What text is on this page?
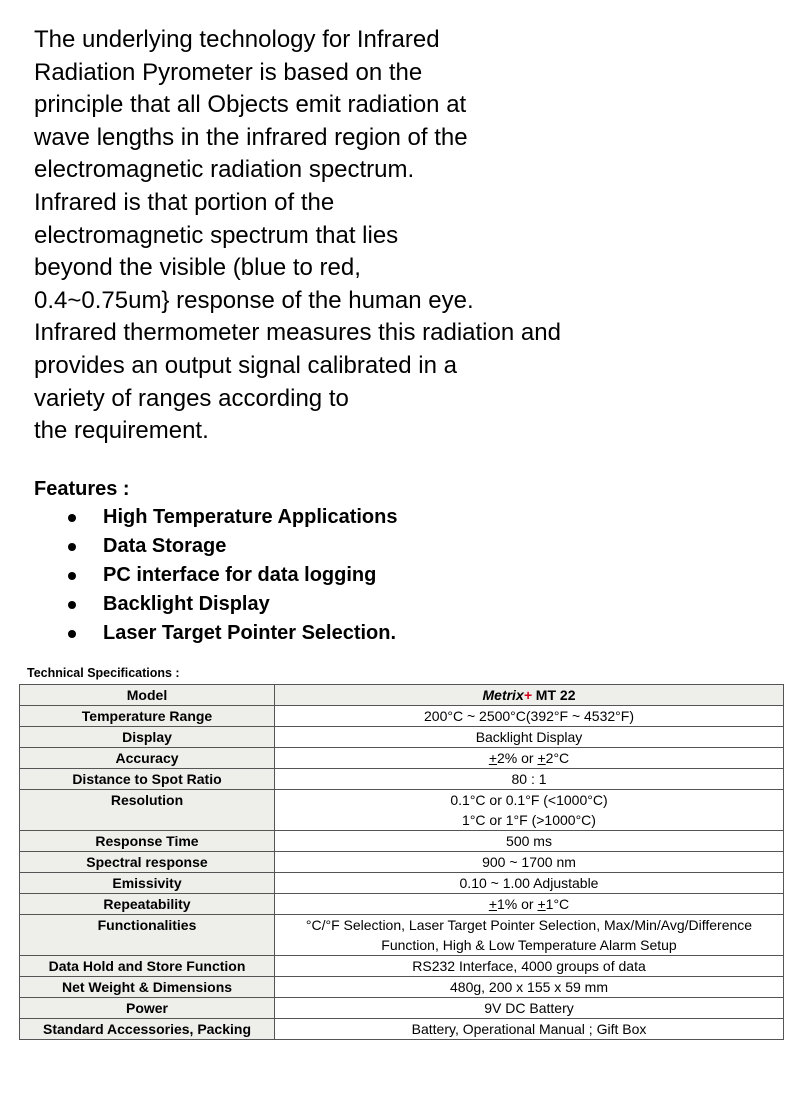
The underlying technology for Infrared
Radiation Pyrometer is based on the
principle that all Objects emit radiation at
wave lengths in the infrared region of the
electromagnetic radiation spectrum.
Infrared is that portion of the
electromagnetic spectrum that lies
beyond the visible (blue to red,
0.4~0.75um} response of the human eye.
Infrared thermometer measures this radiation and
provides an output signal calibrated in a
variety of ranges according to
the requirement.
Features :
High Temperature Applications
Data Storage
PC interface for data logging
Backlight Display
Laser Target Pointer Selection.
Technical Specifications :
Model	Metrix+ MT 22
Temperature Range	200°C ~ 2500°C(392°F ~ 4532°F)
Display	Backlight Display
Accuracy	+2% or +2°C
Distance to Spot Ratio	80 : 1
Resolution	0.1°C or 0.1°F (<1000°C)
1°C or 1°F (>1000°C)

Response Time	500 ms
Spectral response	900 ~ 1700 nm
Emissivity	0.10 ~ 1.00 Adjustable
Repeatability	+1% or +1°C
Functionalities	°C/°F Selection, Laser Target Pointer Selection, Max/Min/Avg/Difference
Function, High & Low Temperature Alarm Setup

Data Hold and Store Function	RS232 Interface, 4000 groups of data
Net Weight & Dimensions	480g, 200 x 155 x 59 mm
Power	9V DC Battery
Standard Accessories, Packing	Battery, Operational Manual ; Gift Box
